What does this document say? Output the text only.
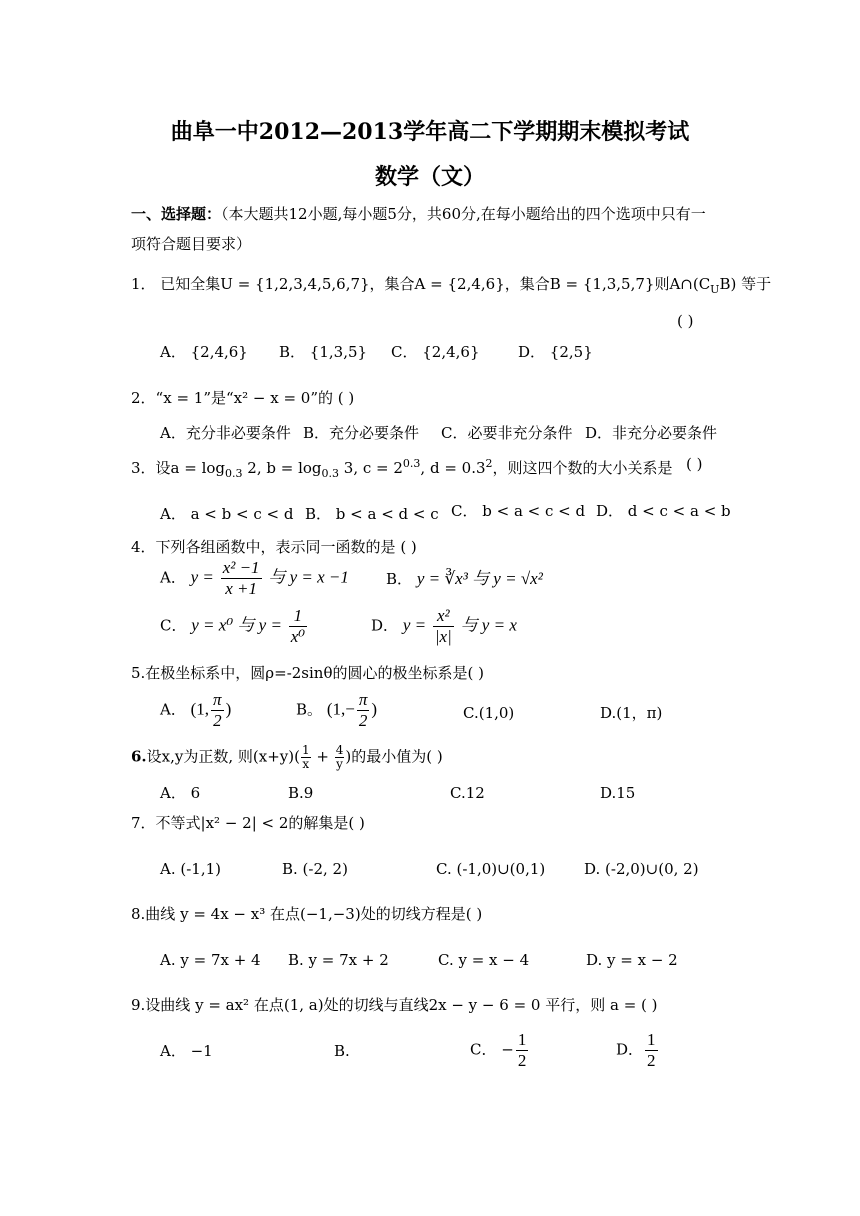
曲阜一中2012—2013学年高二下学期期末模拟考试
数学（文）
一、选择题：（本大题共12小题,每小题5分，共60分,在每小题给出的四个选项中只有一
项符合题目要求）
1． 已知全集U = {1,2,3,4,5,6,7}，集合A = {2,4,6}，集合B = {1,3,5,7}则$A\cap(C_UB)$ 等于
( )
A． {2,4,6} B． {1,3,5} C． {2,4,6}	D． {2,5}
2．“x = 1”是“x² − x = 0”的 ( )
A．充分非必要条件 B．充分必要条件 C．必要非充分条件 D．非充分必要条件
3．设$a = \log_{0.3} 2$, $b = \log_{0.3} 3$, $c = 2^{0.3}$, $d = 0.3^2$，则这四个数的大小关系是 ( )
A． a < b < c < d B． b < a < d < c C． b < a < c < d D． d < c < a < b
4．下列各组函数中，表示同一函数的是 ( )
A． $y = \frac{\text{x² −1}}{x +1}$ 与 y = x −1 B． y = ∛x³ 与 y = √x²
C． y = x⁰ 与 $y = \frac{1}{\text{x⁰}}$	D． $y = \frac{\text{x²}}{|x|}$ 与 y = x
5.在极坐标系中，圆ρ=-2sinθ的圆心的极坐标系是( )
A． (1, $\frac{\pi}{2}$ )	B。 ($1,- \frac{\pi}{2}$ )	C.(1,0)	D.(1，π)
6.设x,y为正数, 则$(x+y)( \frac{1}{x} + \frac{4}{y}$ )的最小值为( )
A． 6	B.9	C.12	D.15
7．不等式|x² − 2| < 2的解集是( )
A. (-1,1)	B. (-2, 2)	C. (-1,0)∪(0,1)	D. (-2,0)∪(0, 2)
8.曲线 y = 4x − x³ 在点(−1,−3)处的切线方程是( )
A. y = 7x + 4 B. y = 7x + 2	C. y = x − 4	D. y = x − 2
9.设曲线 y = ax² 在点(1, a)处的切线与直线2x − y − 6 = 0 平行，则 a = ( )
A． −1	B.	C． − $\frac{1}{2}$	D． $\frac{1}{2}$
